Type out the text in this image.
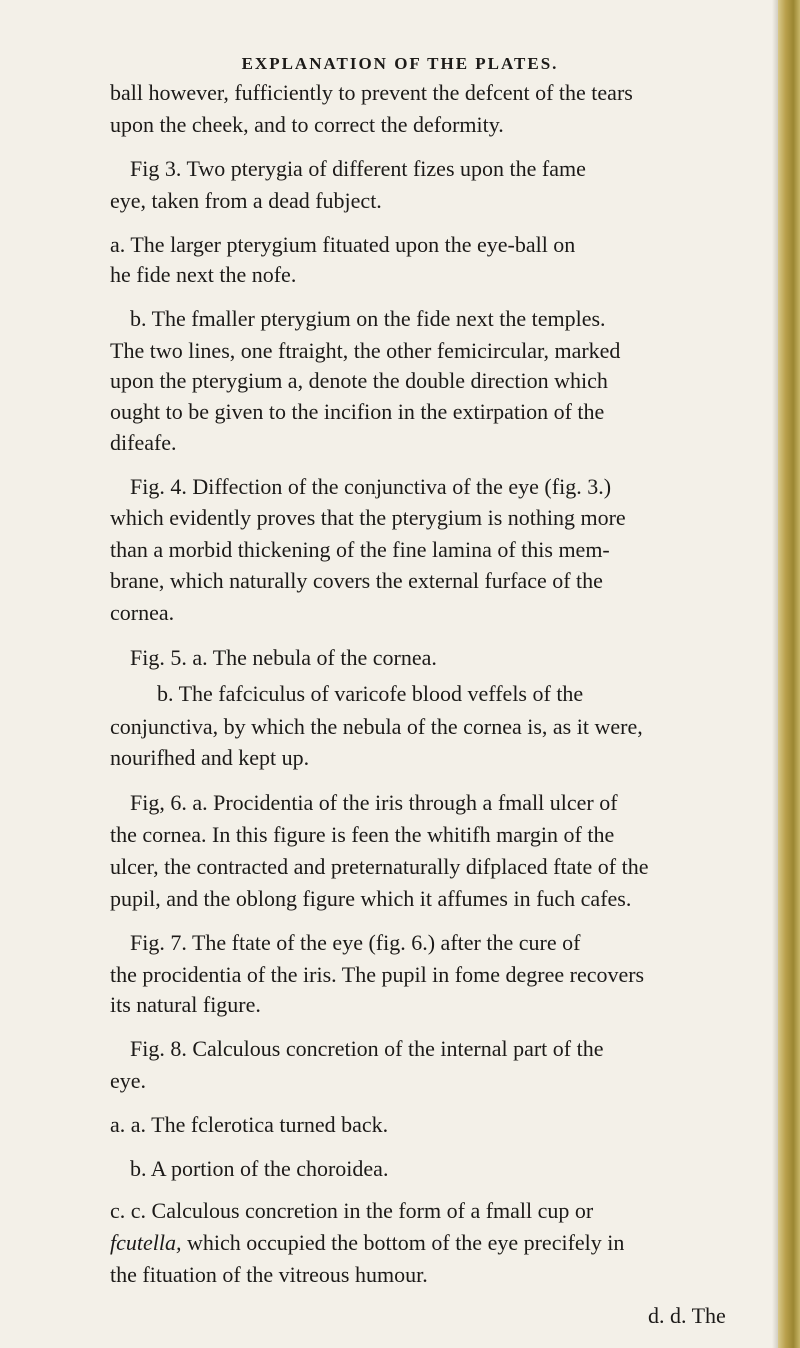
EXPLANATION OF THE PLATES.
ball however, fufficiently to prevent the defcent of the tears
upon the cheek, and to correct the deformity.
Fig 3. Two pterygia of different fizes upon the fame
eye, taken from a dead fubject.
a. The larger pterygium fituated upon the eye-ball on
he fide next the nofe.
b. The fmaller pterygium on the fide next the temples.
The two lines, one ftraight, the other femicircular, marked
upon the pterygium a, denote the double direction which
ought to be given to the incifion in the extirpation of the
difeafe.
Fig. 4. Diffection of the conjunctiva of the eye (fig. 3.)
which evidently proves that the pterygium is nothing more
than a morbid thickening of the fine lamina of this mem-
brane, which naturally covers the external furface of the
cornea.
Fig. 5. a. The nebula of the cornea.
b. The fafciculus of varicofe blood veffels of the
conjunctiva, by which the nebula of the cornea is, as it were,
nourifhed and kept up.
Fig, 6. a. Procidentia of the iris through a fmall ulcer of
the cornea. In this figure is feen the whitifh margin of the
ulcer, the contracted and preternaturally difplaced ftate of the
pupil, and the oblong figure which it affumes in fuch cafes.
Fig. 7. The ftate of the eye (fig. 6.) after the cure of
the procidentia of the iris. The pupil in fome degree recovers
its natural figure.
Fig. 8. Calculous concretion of the internal part of the
eye.
a. a. The fclerotica turned back.
b. A portion of the choroidea.
c. c. Calculous concretion in the form of a fmall cup or
fcutella, which occupied the bottom of the eye precifely in
the fituation of the vitreous humour.
d. d. The
